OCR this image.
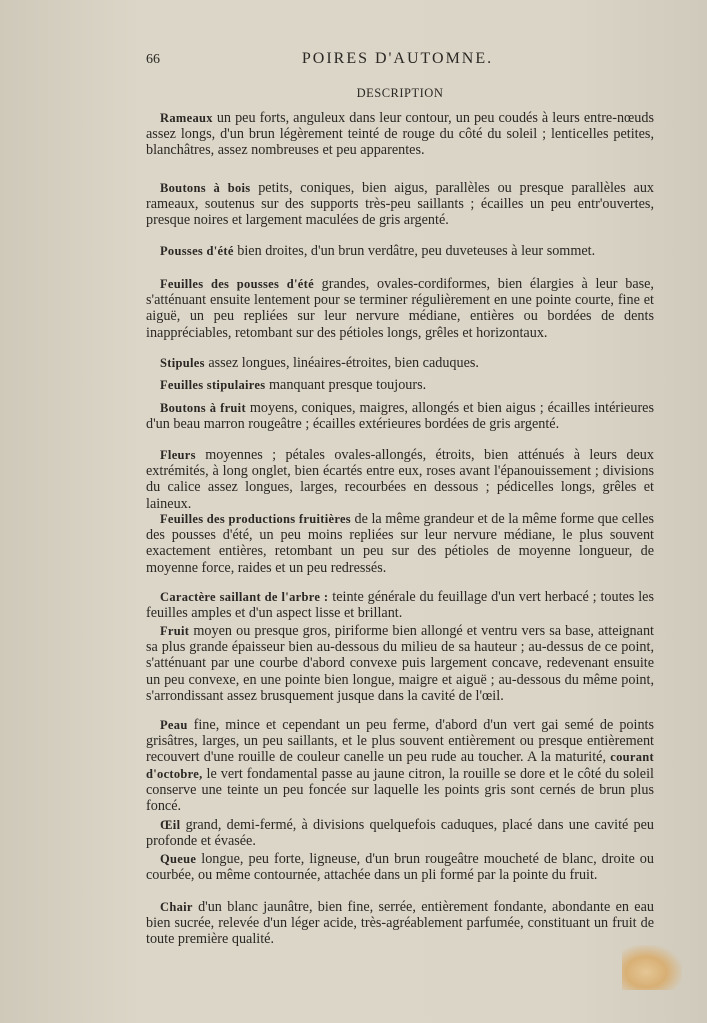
66	POIRES D'AUTOMNE.
DESCRIPTION

Rameaux un peu forts, anguleux dans leur contour, un peu coudés à leurs entre-nœuds assez longs, d'un brun légèrement teinté de rouge du côté du soleil ; lenticelles petites, blanchâtres, assez nombreuses et peu apparentes.

Boutons à bois petits, coniques, bien aigus, parallèles ou presque parallèles aux rameaux, soutenus sur des supports très-peu saillants ; écailles un peu entr'ouvertes, presque noires et largement maculées de gris argenté.

Pousses d'été bien droites, d'un brun verdâtre, peu duveteuses à leur sommet.

Feuilles des pousses d'été grandes, ovales-cordiformes, bien élargies à leur base, s'atténuant ensuite lentement pour se terminer régulièrement en une pointe courte, fine et aiguë, un peu repliées sur leur nervure médiane, entières ou bordées de dents inappréciables, retombant sur des pétioles longs, grêles et horizontaux.

Stipules assez longues, linéaires-étroites, bien caduques.

Feuilles stipulaires manquant presque toujours.

Boutons à fruit moyens, coniques, maigres, allongés et bien aigus ; écailles intérieures d'un beau marron rougeâtre ; écailles extérieures bordées de gris argenté.

Fleurs moyennes ; pétales ovales-allongés, étroits, bien atténués à leurs deux extrémités, à long onglet, bien écartés entre eux, roses avant l'épanouissement ; divisions du calice assez longues, larges, recourbées en dessous ; pédicelles longs, grêles et laineux.

Feuilles des productions fruitières de la même grandeur et de la même forme que celles des pousses d'été, un peu moins repliées sur leur nervure médiane, le plus souvent exactement entières, retombant un peu sur des pétioles de moyenne longueur, de moyenne force, raides et un peu redressés.

Caractère saillant de l'arbre : teinte générale du feuillage d'un vert herbacé ; toutes les feuilles amples et d'un aspect lisse et brillant.

Fruit moyen ou presque gros, piriforme bien allongé et ventru vers sa base, atteignant sa plus grande épaisseur bien au-dessous du milieu de sa hauteur ; au-dessus de ce point, s'atténuant par une courbe d'abord convexe puis largement concave, redevenant ensuite un peu convexe, en une pointe bien longue, maigre et aiguë ; au-dessous du même point, s'arrondissant assez brusquement jusque dans la cavité de l'œil.

Peau fine, mince et cependant un peu ferme, d'abord d'un vert gai semé de points grisâtres, larges, un peu saillants, et le plus souvent entièrement ou presque entièrement recouvert d'une rouille de couleur canelle un peu rude au toucher. A la maturité, courant d'octobre, le vert fondamental passe au jaune citron, la rouille se dore et le côté du soleil conserve une teinte un peu foncée sur laquelle les points gris sont cernés de brun plus foncé.

Œil grand, demi-fermé, à divisions quelquefois caduques, placé dans une cavité peu profonde et évasée.

Queue longue, peu forte, ligneuse, d'un brun rougeâtre moucheté de blanc, droite ou courbée, ou même contournée, attachée dans un pli formé par la pointe du fruit.

Chair d'un blanc jaunâtre, bien fine, serrée, entièrement fondante, abondante en eau bien sucrée, relevée d'un léger acide, très-agréablement parfumée, constituant un fruit de toute première qualité.
